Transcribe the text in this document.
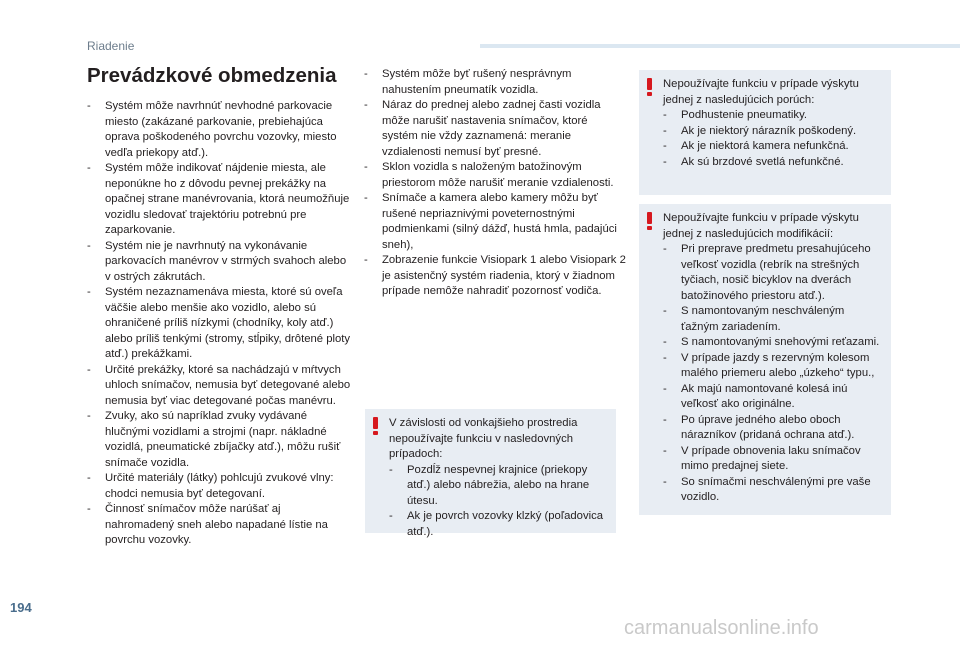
Riadenie
Prevádzkové obmedzenia
- Systém môže navrhnúť nevhodné parkovacie miesto (zakázané parkovanie, prebiehajúca oprava poškodeného povrchu vozovky, miesto vedľa priekopy atď.).
- Systém môže indikovať nájdenie miesta, ale neponúkne ho z dôvodu pevnej prekážky na opačnej strane manévrovania, ktorá neumožňuje vozidlu sledovať trajektóriu potrebnú pre zaparkovanie.
- Systém nie je navrhnutý na vykonávanie parkovacích manévrov v strmých svahoch alebo v ostrých zákrutách.
- Systém nezaznamenáva miesta, ktoré sú oveľa väčšie alebo menšie ako vozidlo, alebo sú ohraničené príliš nízkymi (chodníky, koly atď.) alebo príliš tenkými (stromy, stĺpiky, drôtené ploty atď.) prekážkami.
- Určité prekážky, ktoré sa nachádzajú v mŕtvych uhloch snímačov, nemusia byť detegované alebo nemusia byť viac detegované počas manévru.
- Zvuky, ako sú napríklad zvuky vydávané hlučnými vozidlami a strojmi (napr. nákladné vozidlá, pneumatické zbíjačky atď.), môžu rušiť snímače vozidla.
- Určité materiály (látky) pohlcujú zvukové vlny: chodci nemusia byť detegovaní.
- Činnosť snímačov môže narúšať aj nahromadený sneh alebo napadané lístie na povrchu vozovky.
- Systém môže byť rušený nesprávnym nahustením pneumatík vozidla.
- Náraz do prednej alebo zadnej časti vozidla môže narušiť nastavenia snímačov, ktoré systém nie vždy zaznamená: meranie vzdialenosti nemusí byť presné.
- Sklon vozidla s naloženým batožinovým priestorom môže narušiť meranie vzdialenosti.
- Snímače a kamera alebo kamery môžu byť rušené nepriaznivými poveternostnými podmienkami (silný dážď, hustá hmla, padajúci sneh),
- Zobrazenie funkcie Visiopark 1 alebo Visiopark 2 je asistenčný systém riadenia, ktorý v žiadnom prípade nemôže nahradiť pozornosť vodiča.
V závislosti od vonkajšieho prostredia nepoužívajte funkciu v nasledovných prípadoch:
- Pozdĺž nespevnej krajnice (priekopy atď.) alebo nábrežia, alebo na hrane útesu.
- Ak je povrch vozovky klzký (poľadovica atď.).
Nepoužívajte funkciu v prípade výskytu jednej z nasledujúcich porúch:
- Podhustenie pneumatiky.
- Ak je niektorý nárazník poškodený.
- Ak je niektorá kamera nefunkčná.
- Ak sú brzdové svetlá nefunkčné.
Nepoužívajte funkciu v prípade výskytu jednej z nasledujúcich modifikácií:
- Pri preprave predmetu presahujúceho veľkosť vozidla (rebrík na strešných tyčiach, nosič bicyklov na dverách batožinového priestoru atď.).
- S namontovaným neschváleným ťažným zariadením.
- S namontovanými snehovými reťazami.
- V prípade jazdy s rezervným kolesom malého priemeru alebo „úzkeho“ typu.,
- Ak majú namontované kolesá inú veľkosť ako originálne.
- Po úprave jedného alebo oboch nárazníkov (pridaná ochrana atď.).
- V prípade obnovenia laku snímačov mimo predajnej siete.
- So snímačmi neschválenými pre vaše vozidlo.
194
carmanualsonline.info
